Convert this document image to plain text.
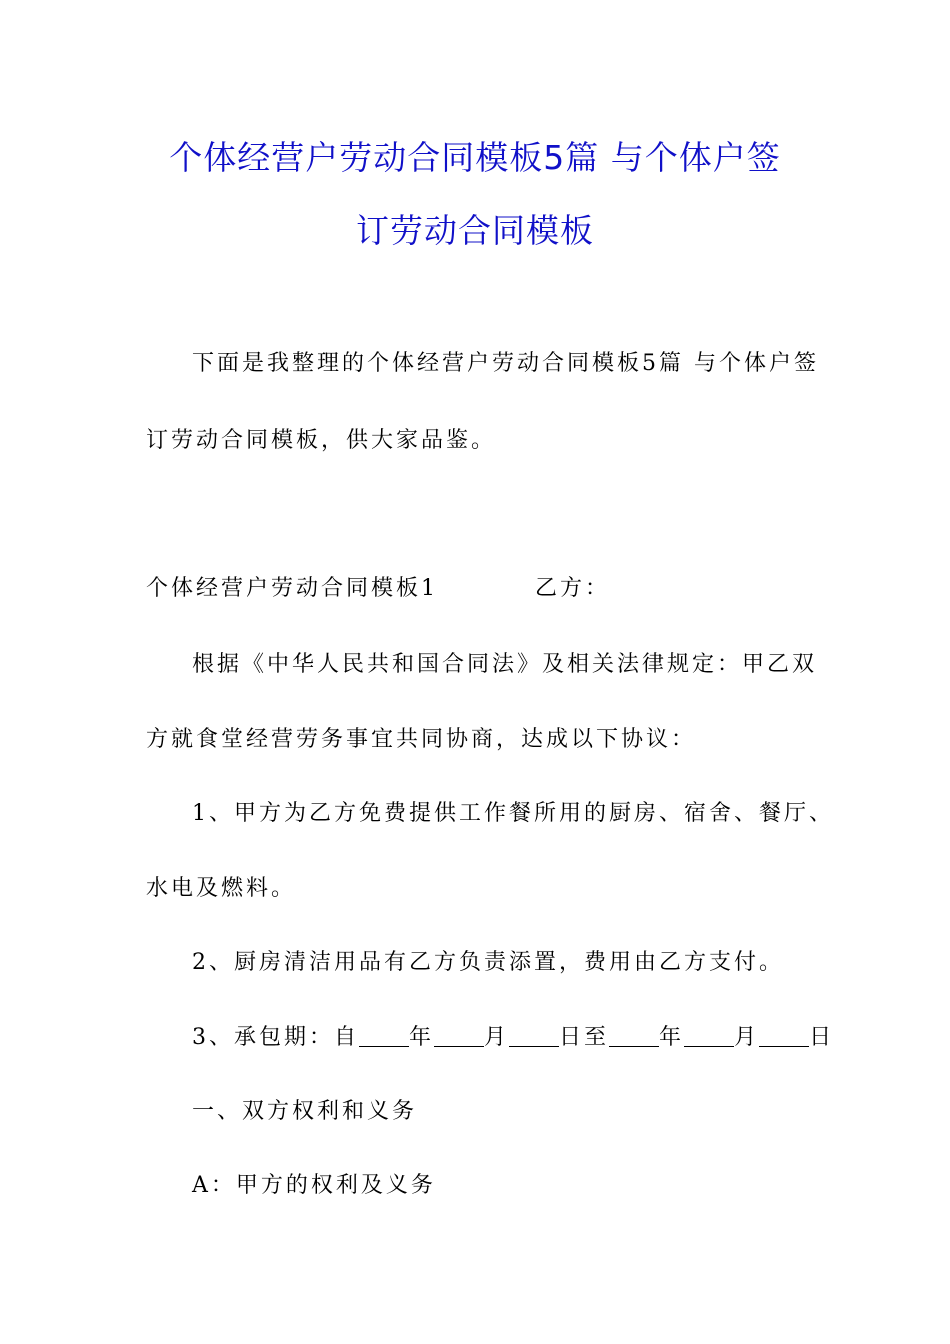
个体经营户劳动合同模板5篇 与个体户签
订劳动合同模板
下面是我整理的个体经营户劳动合同模板5篇 与个体户签
订劳动合同模板，供大家品鉴。
个体经营户劳动合同模板1	乙方：
根据《中华人民共和国合同法》及相关法律规定：甲乙双
方就食堂经营劳务事宜共同协商，达成以下协议：
1、甲方为乙方免费提供工作餐所用的厨房、宿舍、餐厅、
水电及燃料。
2、厨房清洁用品有乙方负责添置，费用由乙方支付。
3、承包期：自 年 月 日至 年 月 日
一、双方权利和义务
A：甲方的权利及义务
